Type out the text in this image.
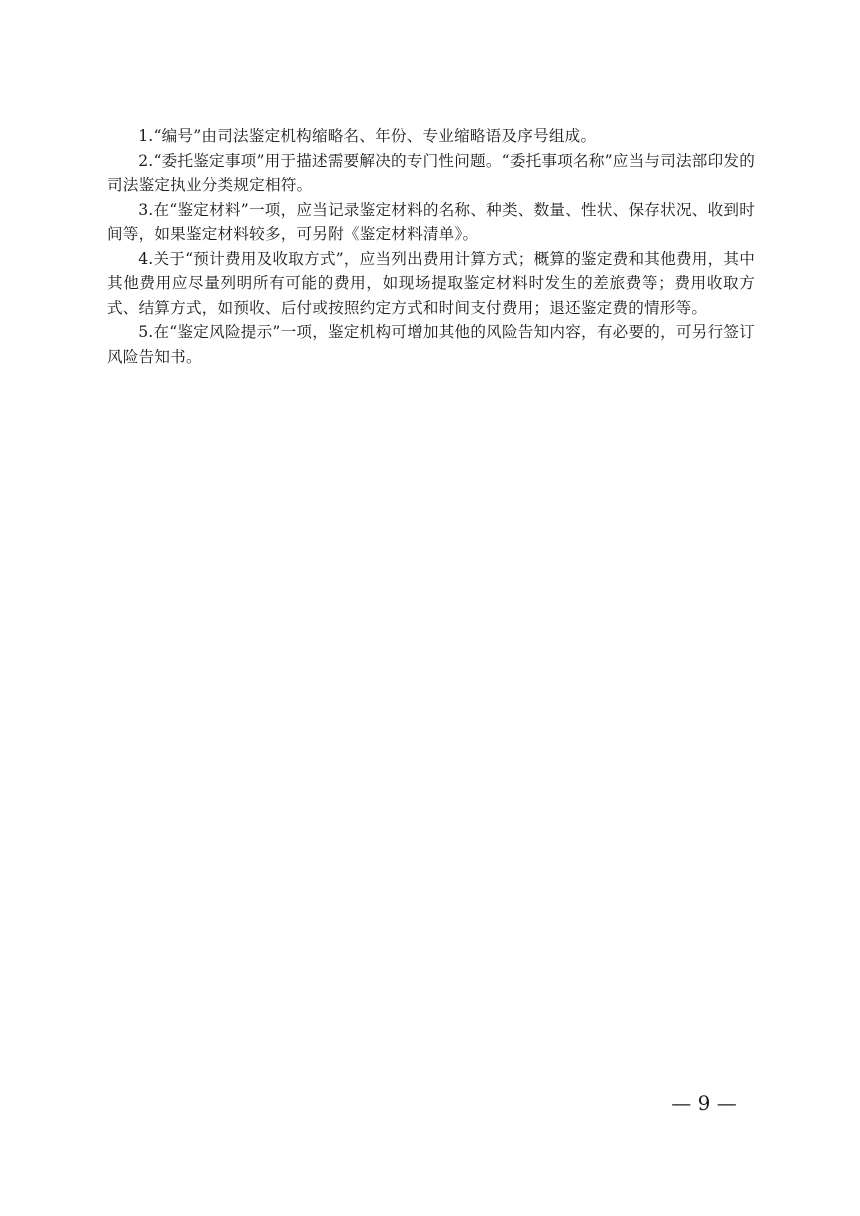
1.“编号”由司法鉴定机构缩略名、年份、专业缩略语及序号组成。

2.“委托鉴定事项”用于描述需要解决的专门性问题。“委托事项名称”应当与司法部印发的司法鉴定执业分类规定相符。

3.在“鉴定材料”一项，应当记录鉴定材料的名称、种类、数量、性状、保存状况、收到时间等，如果鉴定材料较多，可另附《鉴定材料清单》。

4.关于“预计费用及收取方式”，应当列出费用计算方式；概算的鉴定费和其他费用，其中其他费用应尽量列明所有可能的费用，如现场提取鉴定材料时发生的差旅费等；费用收取方式、结算方式，如预收、后付或按照约定方式和时间支付费用；退还鉴定费的情形等。

5.在“鉴定风险提示”一项，鉴定机构可增加其他的风险告知内容，有必要的，可另行签订风险告知书。

— 9 —
